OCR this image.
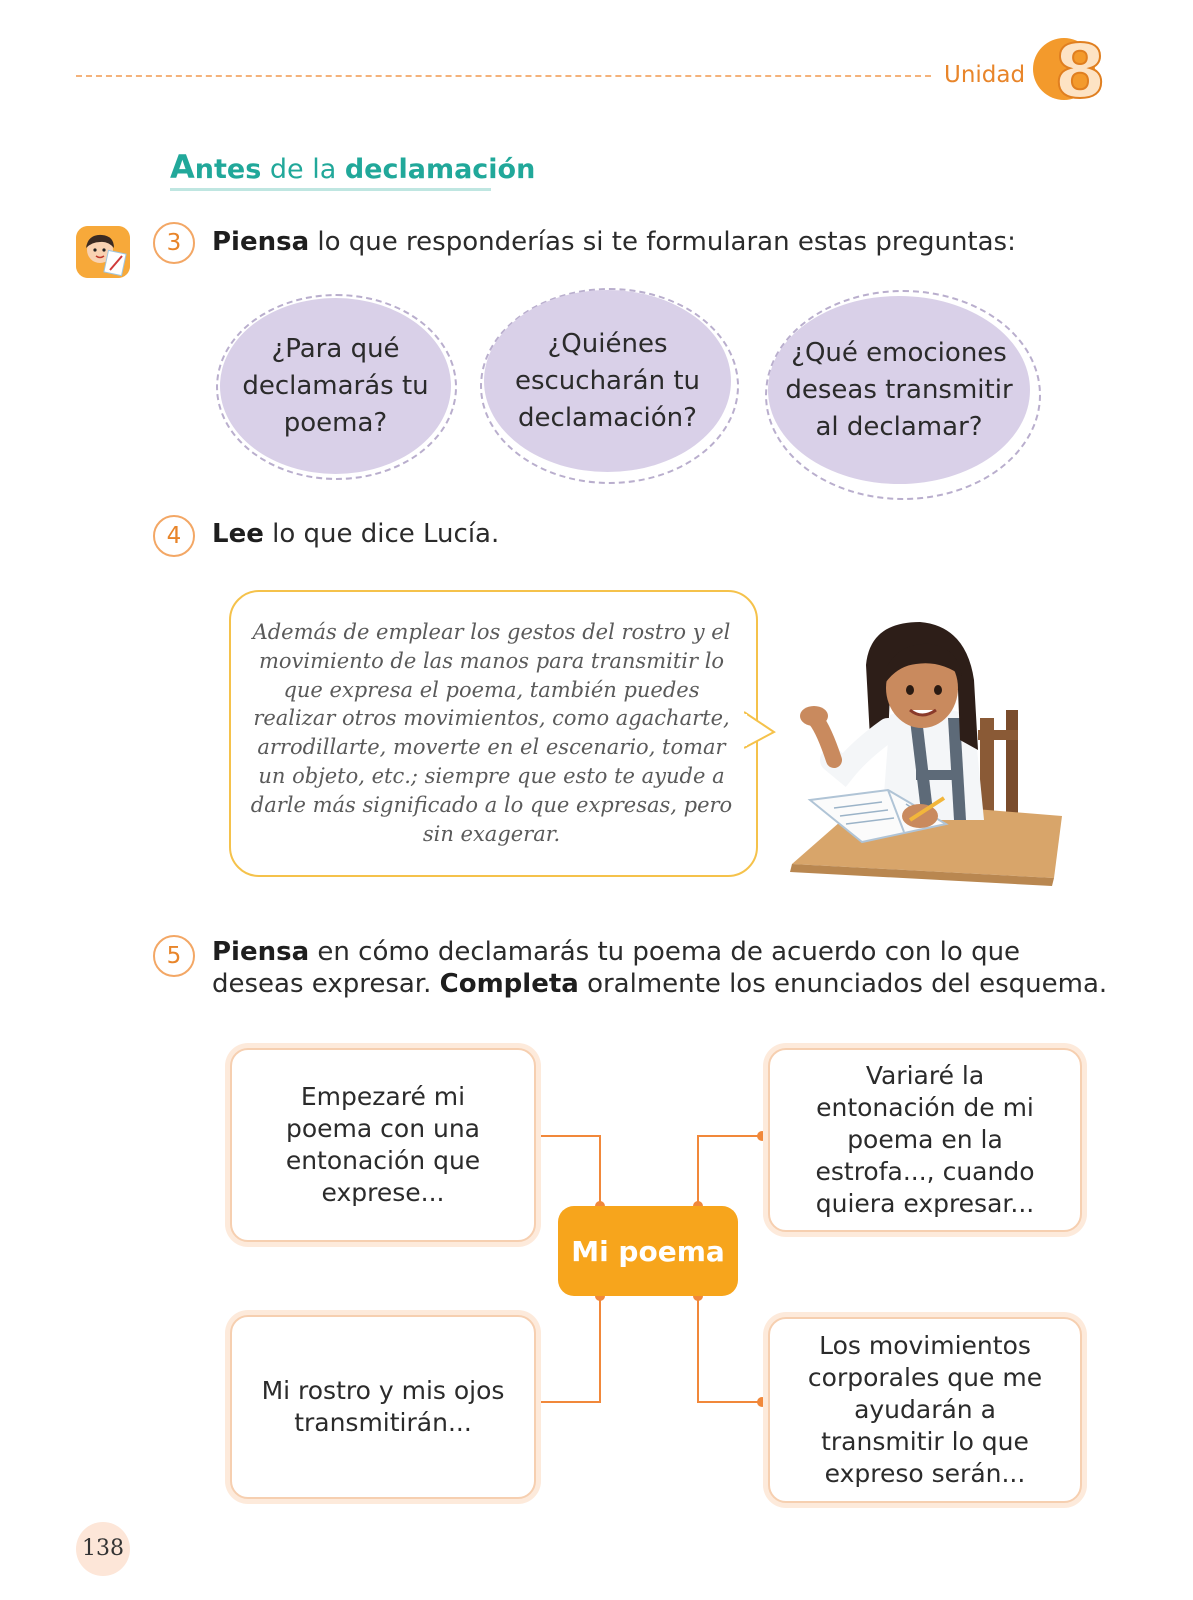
Unidad 8
Antes de la declamación
3	Piensa lo que responderías si te formularan estas preguntas:
¿Para qué declamarás tu poema?
¿Quiénes escucharán tu declamación?
¿Qué emociones deseas transmitir al declamar?
4	Lee lo que dice Lucía.
Además de emplear los gestos del rostro y el movimiento de las manos para transmitir lo que expresa el poema, también puedes realizar otros movimientos, como agacharte, arrodillarte, moverte en el escenario, tomar un objeto, etc.; siempre que esto te ayude a darle más significado a lo que expresas, pero sin exagerar.
5	Piensa en cómo declamarás tu poema de acuerdo con lo que deseas expresar. Completa oralmente los enunciados del esquema.
Empezaré mi poema con una entonación que exprese...
Variaré la entonación de mi poema en la estrofa..., cuando quiera expresar...
Mi rostro y mis ojos transmitirán...
Los movimientos corporales que me ayudarán a transmitir lo que expreso serán...
Mi poema
138
